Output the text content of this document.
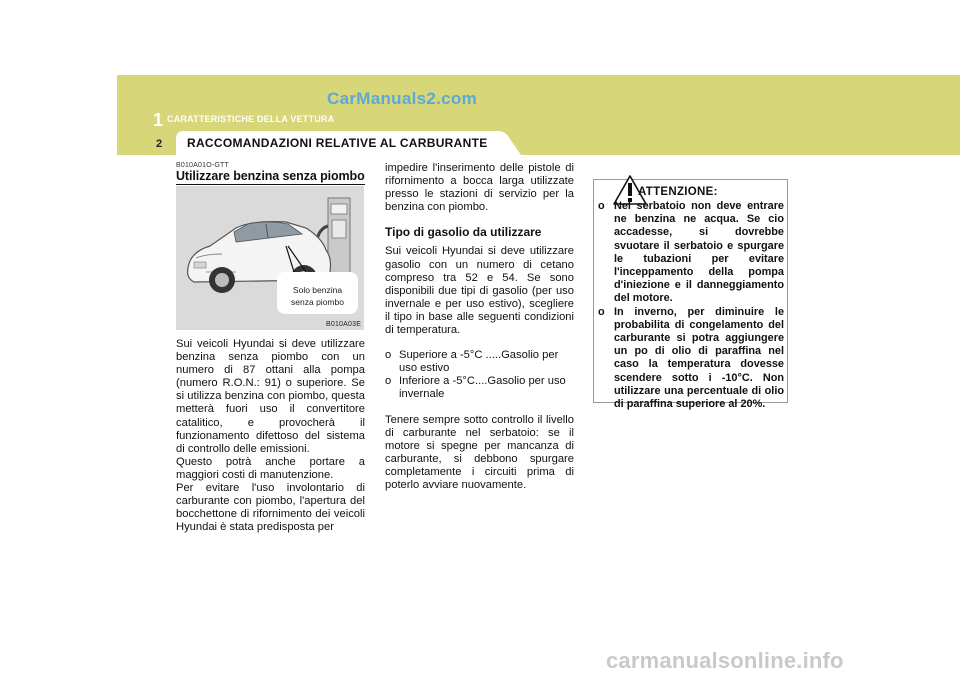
CarManuals2.com
1 CARATTERISTICHE DELLA VETTURA
2 RACCOMANDAZIONI RELATIVE AL CARBURANTE
B010A01O-GTT
Utilizzare benzina senza piombo
Solo benzina
senza piombo
B010A03E

Sui veicoli Hyundai si deve utilizzare benzina senza piombo con un numero di 87 ottani alla pompa (numero R.O.N.: 91) o superiore. Se si utilizza benzina con piombo, questa metterà fuori uso il convertitore catalitico, e provocherà il funzionamento difettoso del sistema di controllo delle emissioni.

Questo potrà anche portare a maggiori costi di manutenzione.

Per evitare l'uso involontario di carburante con piombo, l'apertura del bocchettone di rifornimento dei veicoli Hyundai è stata predisposta per

impedire l'inserimento delle pistole di rifornimento a bocca larga utilizzate presso le stazioni di servizio per la benzina con piombo.

Tipo di gasolio da utilizzare

Sui veicoli Hyundai si deve utilizzare gasolio con un numero di cetano compreso tra 52 e 54. Se sono disponibili due tipi di gasolio (per uso invernale e per uso estivo), scegliere il tipo in base alle seguenti condizioni di temperatura.

o Superiore a -5°C .....Gasolio per uso estivo
o Inferiore a -5°C....Gasolio per uso invernale

Tenere sempre sotto controllo il livello di carburante nel serbatoio: se il motore si spegne per mancanza di carburante, si debbono spurgare completamente i circuiti prima di poterlo avviare nuovamente.

ATTENZIONE:
o Nel serbatoio non deve entrare ne benzina ne acqua. Se cio accadesse, si dovrebbe svuotare il serbatoio e spurgare le tubazioni per evitare l'inceppamento della pompa d'iniezione e il danneggiamento del motore.
o In inverno, per diminuire le probabilita di congelamento del carburante si potra aggiungere un po di olio di paraffina nel caso la temperatura dovesse scendere sotto i -10°C. Non utilizzare una percentuale di olio di paraffina superiore al 20%.
carmanualsonline.info
